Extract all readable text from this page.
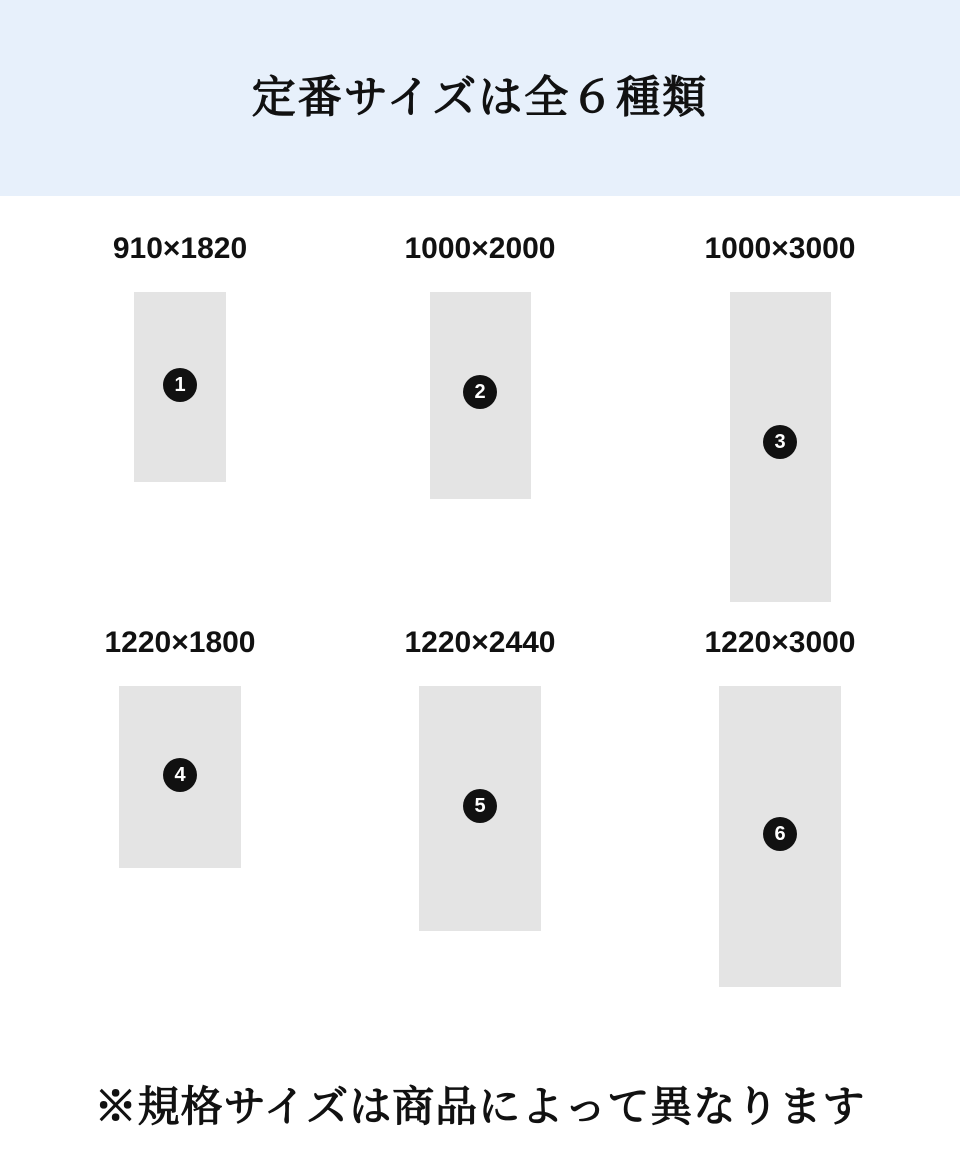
定番サイズは全６種類
910×1820
1
1000×2000
2
1000×3000
3
1220×1800
4
1220×2440
5
1220×3000
6
※規格サイズは商品によって異なります
